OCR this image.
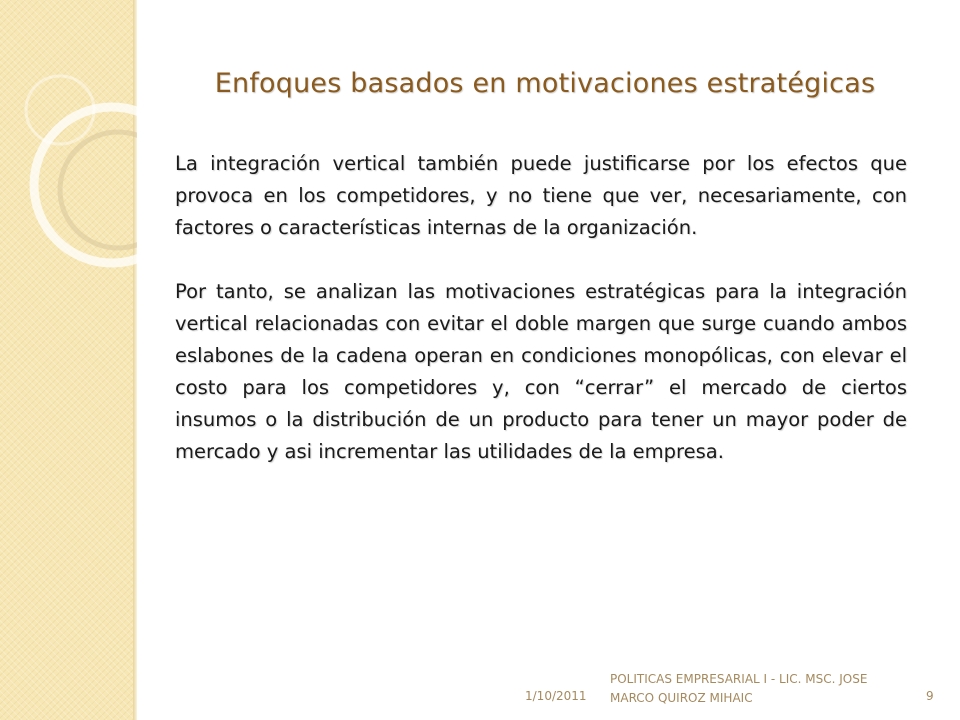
Enfoques basados en motivaciones estratégicas

La integración vertical también puede justificarse por los efectos que provoca en los competidores, y no tiene que ver, necesariamente, con factores o características internas de la organización.

Por tanto, se analizan las motivaciones estratégicas para la integración vertical relacionadas con evitar el doble margen que surge cuando ambos eslabones de la cadena operan en condiciones monopólicas, con elevar el costo para los competidores y, con “cerrar” el mercado de ciertos insumos o la distribución de un producto para tener un mayor poder de mercado y asi incrementar las utilidades de la empresa.

1/10/2011
POLITICAS EMPRESARIAL I - LIC. MSC. JOSE MARCO QUIROZ MIHAIC	9
